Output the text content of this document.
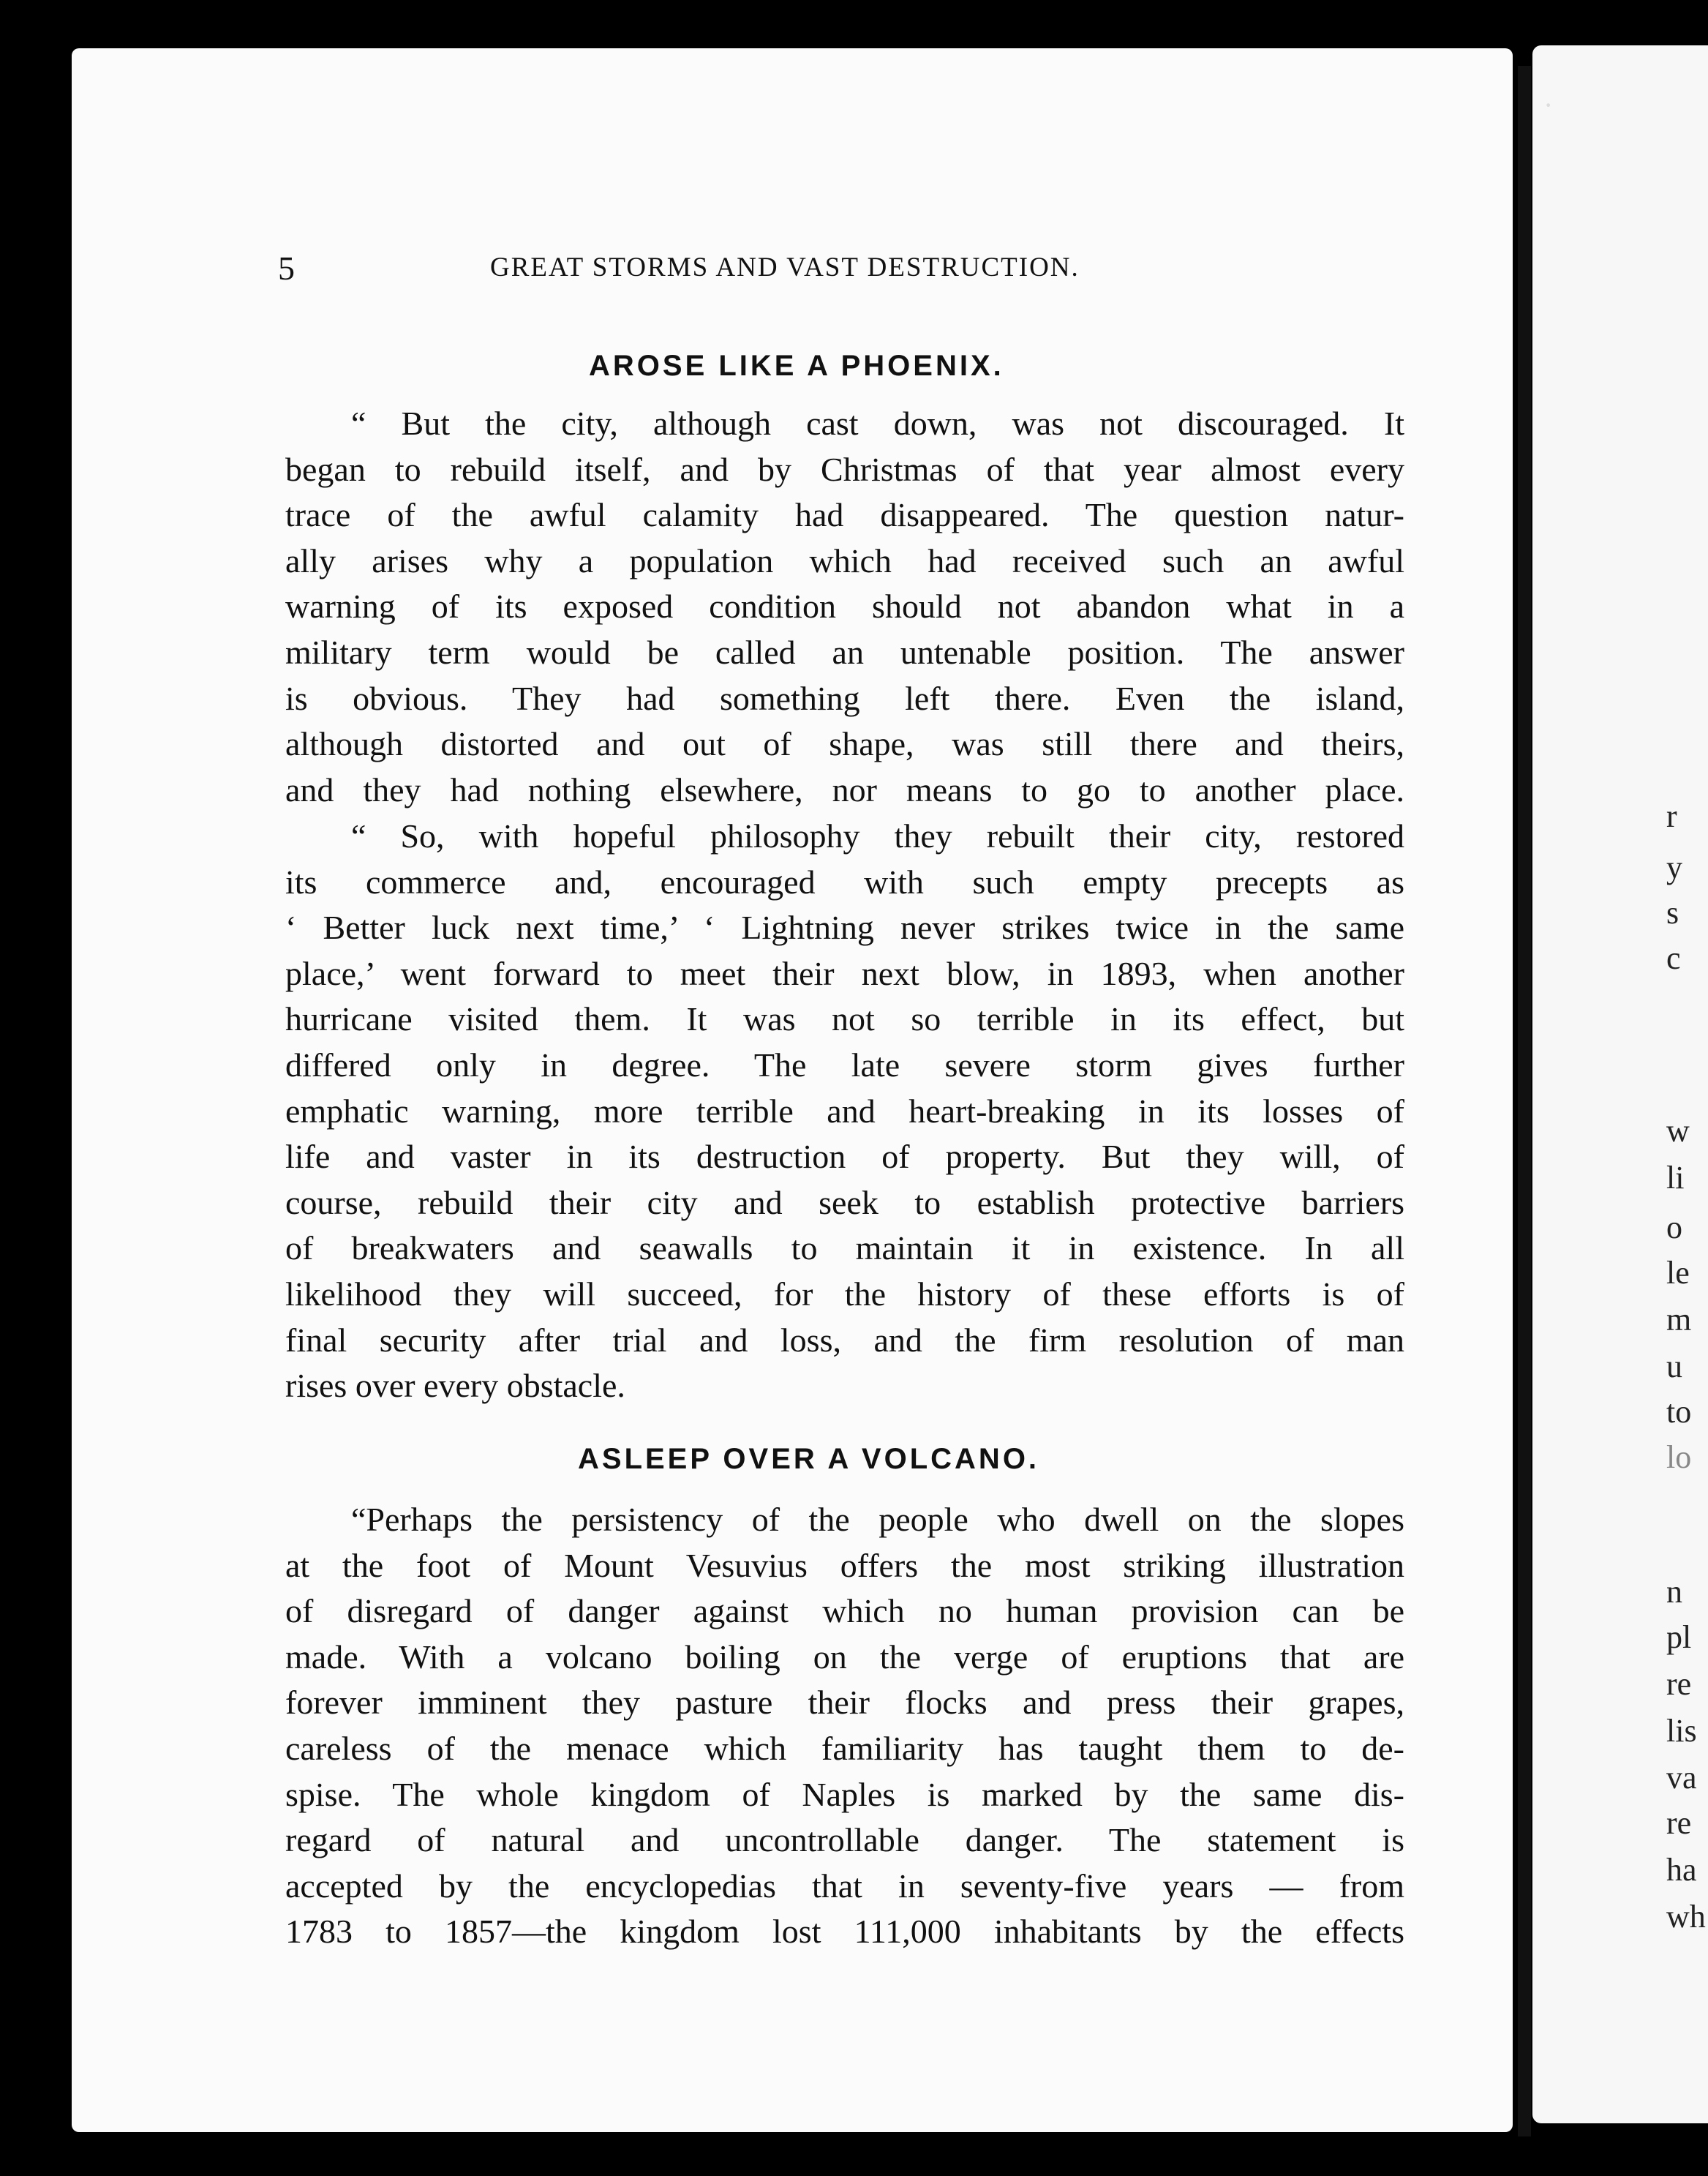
·
r
y
s
c
w
li
o
le
m
u
to
lo
n
pl
re
lis
va
re
ha
wh
5	GREAT STORMS AND VAST DESTRUCTION.
AROSE LIKE A PHOENIX.
“ But the city, although cast down, was not discouraged. It
began to rebuild itself, and by Christmas of that year almost every
trace of the awful calamity had disappeared. The question natur-
ally arises why a population which had received such an awful
warning of its exposed condition should not abandon what in a
military term would be called an untenable position. The answer
is obvious. They had something left there. Even the island,
although distorted and out of shape, was still there and theirs,
and they had nothing elsewhere, nor means to go to another place.
“ So, with hopeful philosophy they rebuilt their city, restored
its commerce and, encouraged with such empty precepts as
‘ Better luck next time,’ ‘ Lightning never strikes twice in the same
place,’ went forward to meet their next blow, in 1893, when another
hurricane visited them. It was not so terrible in its effect, but
differed only in degree. The late severe storm gives further
emphatic warning, more terrible and heart-breaking in its losses of
life and vaster in its destruction of property. But they will, of
course, rebuild their city and seek to establish protective barriers
of breakwaters and seawalls to maintain it in existence. In all
likelihood they will succeed, for the history of these efforts is of
final security after trial and loss, and the firm resolution of man
rises over every obstacle.
ASLEEP OVER A VOLCANO.
“Perhaps the persistency of the people who dwell on the slopes
at the foot of Mount Vesuvius offers the most striking illustration
of disregard of danger against which no human provision can be
made. With a volcano boiling on the verge of eruptions that are
forever imminent they pasture their flocks and press their grapes,
careless of the menace which familiarity has taught them to de-
spise. The whole kingdom of Naples is marked by the same dis-
regard of natural and uncontrollable danger. The statement is
accepted by the encyclopedias that in seventy-five years — from
1783 to 1857—the kingdom lost 111,000 inhabitants by the effects
